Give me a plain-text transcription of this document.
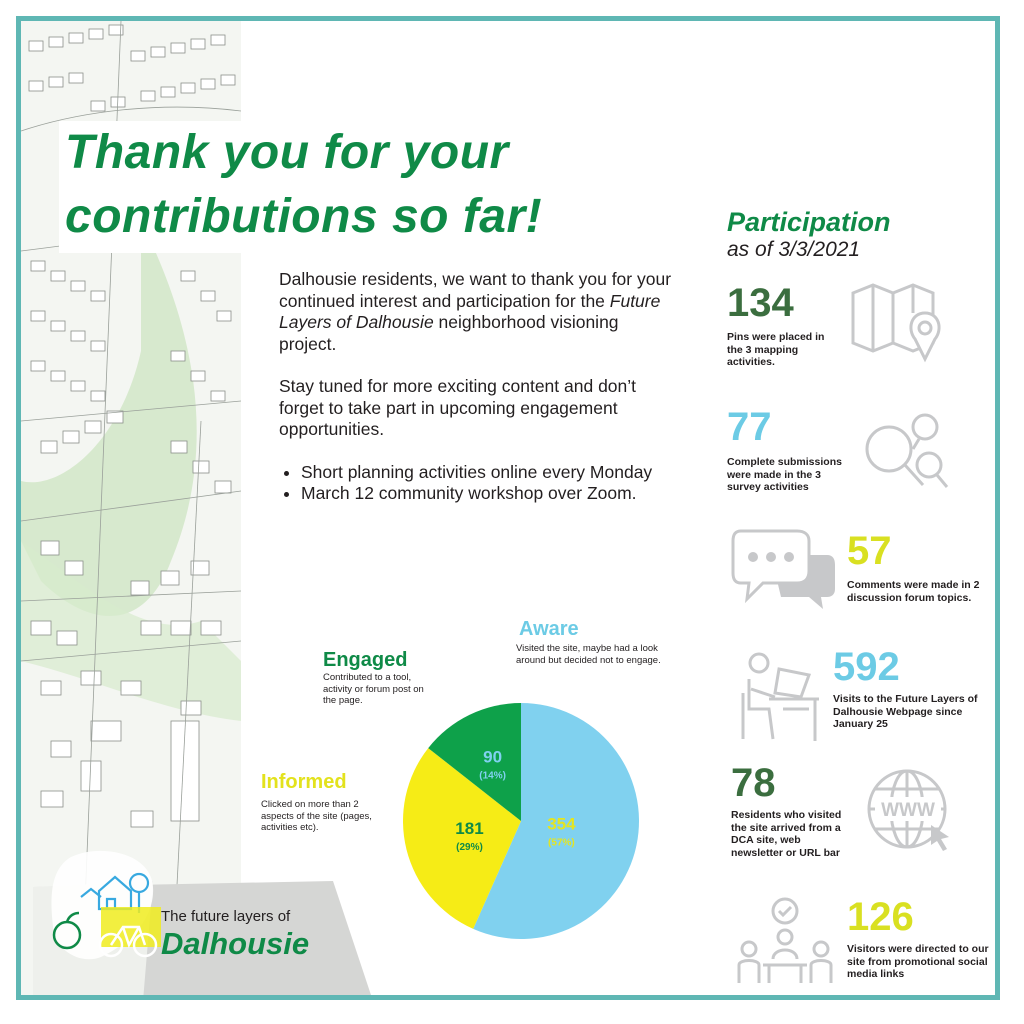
Thank you for your
contributions so far!

Dalhousie residents, we want to thank you for your continued interest and participation for the Future Layers of Dalhousie neighborhood visioning project.

Stay tuned for more exciting content and don’t forget to take part in upcoming engagement opportunities.

• Short planning activities online every Monday
• March 12 community workshop over Zoom.
Aware
Visited the site, maybe had a look around but decided not to engage.
Engaged
Contributed to a tool, activity or forum post on the page.
Informed
Clicked on more than 2 aspects of the site (pages, activities etc).	354
(57%)
181
(29%)
90
(14%)
Participation
as of 3/3/2021
134
Pins were placed in the 3 mapping activities.
77
Complete submissions were made in the 3 survey activities
57
Comments were made in 2 discussion forum topics.
592
Visits to the Future Layers of Dalhousie Webpage since January 25
78
Residents who visited the site arrived from a DCA site, web newsletter or URL bar
WWW
126
Visitors were directed to our site from promotional social media links
The future layers of
Dalhousie
